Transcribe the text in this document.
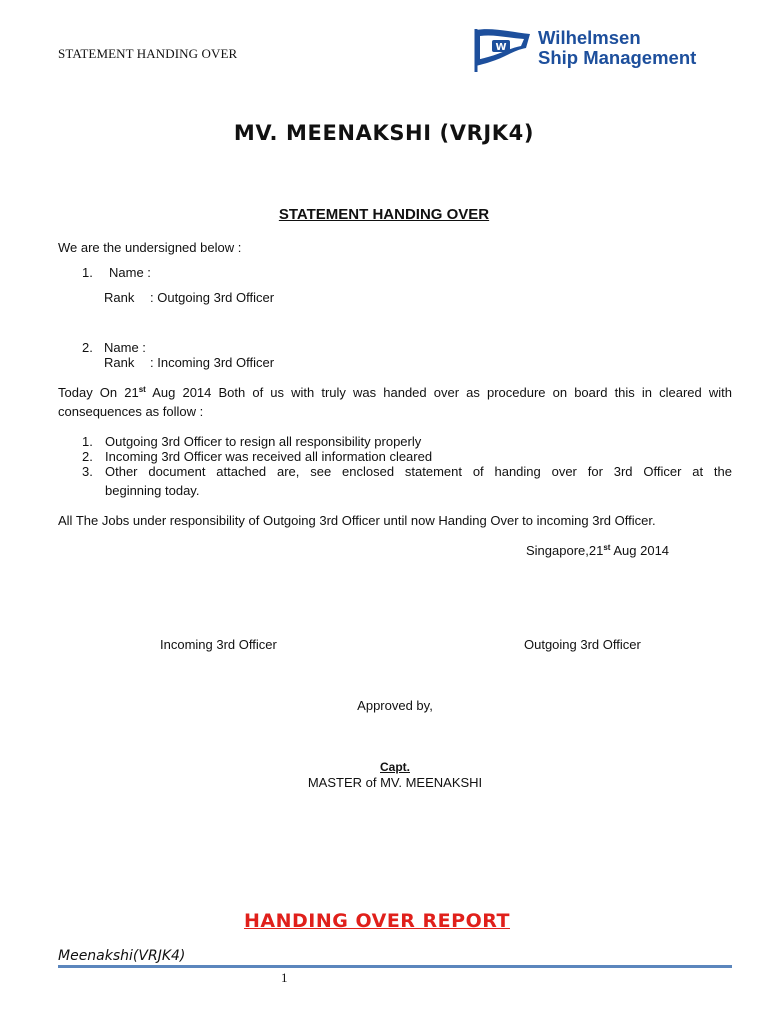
STATEMENT HANDING OVER	W Wilhelmsen
Ship Management
MV. MEENAKSHI (VRJK4)
STATEMENT HANDING OVER
We are the undersigned below :
1. Name :
Rank : Outgoing 3rd Officer
2. Name :
Rank : Incoming 3rd Officer
Today On 21st Aug 2014 Both of us with truly was handed over as procedure on board this in cleared with
consequences as follow :
1. Outgoing 3rd Officer to resign all responsibility properly
2. Incoming 3rd Officer was received all information cleared
3. Other document attached are, see enclosed statement of handing over for 3rd Officer at the
beginning today.
All The Jobs under responsibility of Outgoing 3rd Officer until now Handing Over to incoming 3rd Officer.
Singapore,21st Aug 2014
Incoming 3rd Officer	Outgoing 3rd Officer
Approved by,
Capt.
MASTER of MV. MEENAKSHI
HANDING OVER REPORT
Meenakshi(VRJK4)
1
